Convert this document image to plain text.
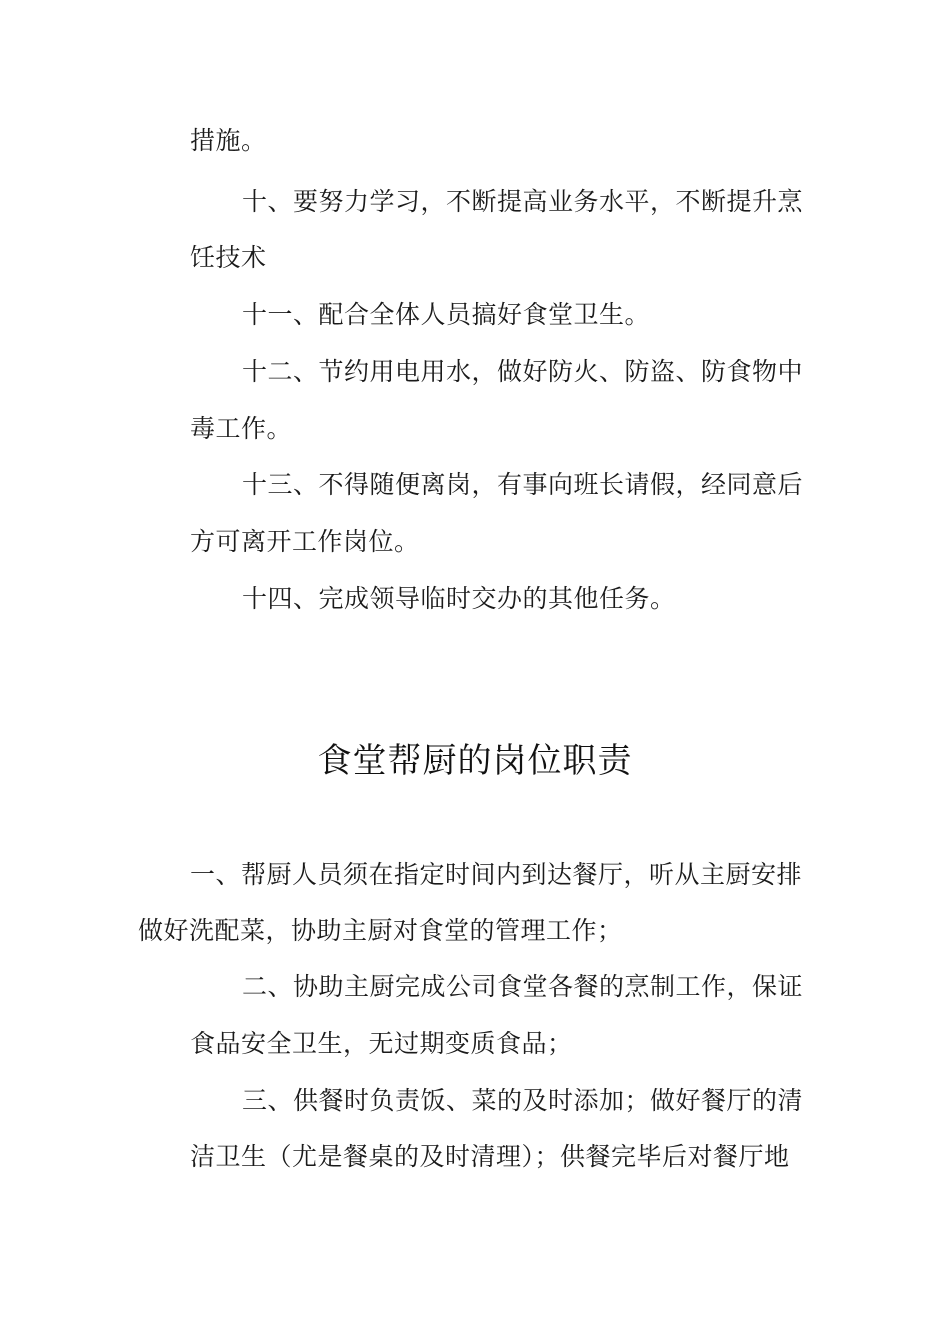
措施。
十、要努力学习，不断提高业务水平，不断提升烹
饪技术
十一、配合全体人员搞好食堂卫生。
十二、节约用电用水，做好防火、防盗、防食物中
毒工作。
十三、不得随便离岗，有事向班长请假，经同意后
方可离开工作岗位。
十四、完成领导临时交办的其他任务。
食堂帮厨的岗位职责
一、帮厨人员须在指定时间内到达餐厅，听从主厨安排
做好洗配菜，协助主厨对食堂的管理工作；
二、协助主厨完成公司食堂各餐的烹制工作，保证
食品安全卫生，无过期变质食品；
三、供餐时负责饭、菜的及时添加；做好餐厅的清
洁卫生（尤是餐桌的及时清理）；供餐完毕后对餐厅地
